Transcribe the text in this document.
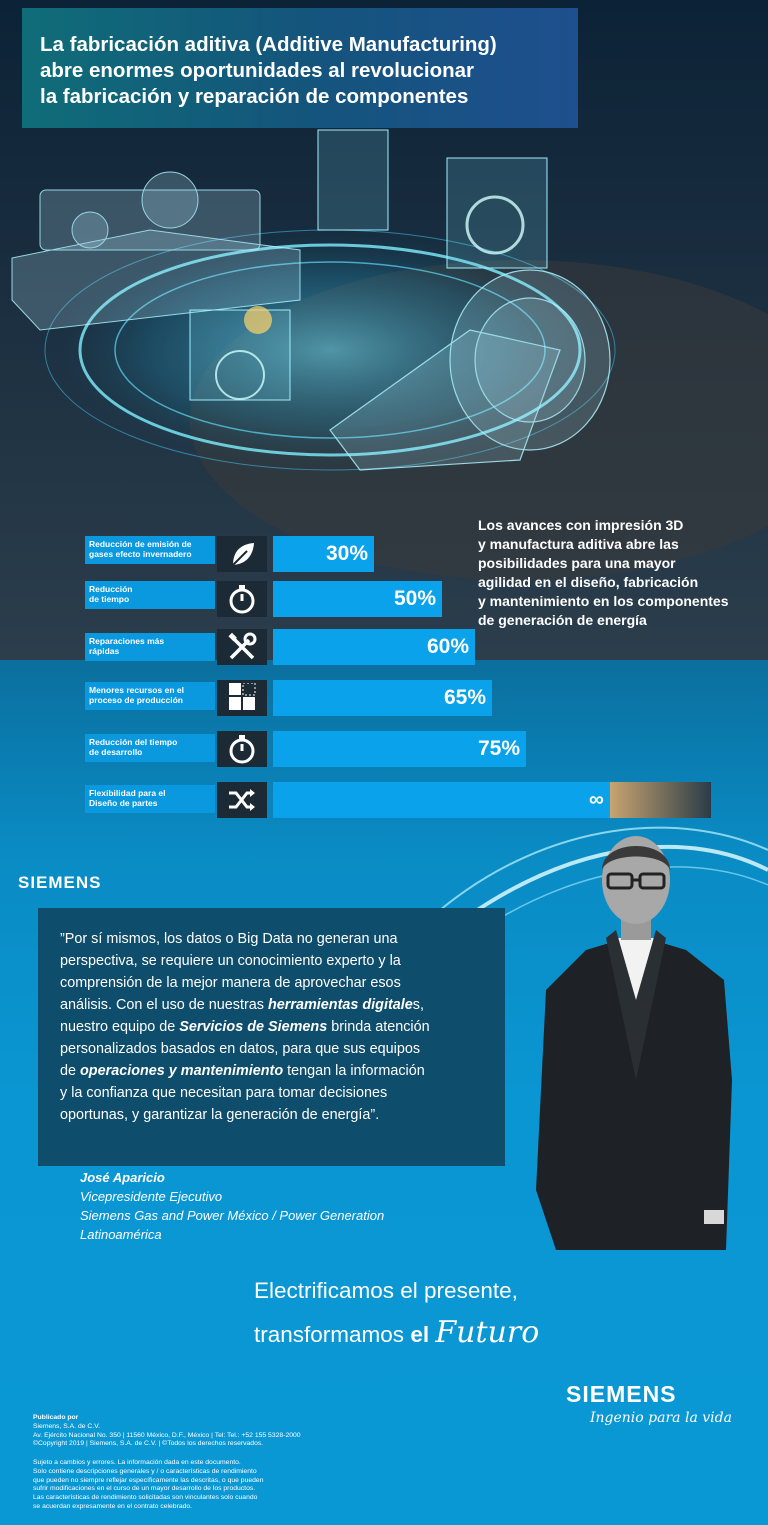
La fabricación aditiva (Additive Manufacturing)

abre enormes oportunidades al revolucionar

la fabricación y reparación de componentes

Los avances con impresión 3D

y manufactura aditiva abre las

posibilidades para una mayor

agilidad en el diseño, fabricación

y mantenimiento en los componentes

de generación de energía

Reducción de emisión de
gases efecto invernadero	30%
Reducción
de tiempo	50%
Reparaciones más
rápidas	60%
Menores recursos en el
proceso de producción	65%
Reducción del tiempo
de desarrollo	75%
Flexibilidad para el
Diseño de partes	∞
SIEMENS

”Por sí mismos, los datos o Big Data no generan una

perspectiva, se requiere un conocimiento experto y la

comprensión de la mejor manera de aprovechar esos

análisis. Con el uso de nuestras herramientas digitales,

nuestro equipo de Servicios de Siemens brinda atención

personalizados basados en datos, para que sus equipos

de operaciones y mantenimiento tengan la información

y la confianza que necesitan para tomar decisiones

oportunas, y garantizar la generación de energía”.

José Aparicio
Vicepresidente Ejecutivo
Siemens Gas and Power México / Power Generation
Latinoamérica
Electrificamos el presente,
transformamos el Futuro
SIEMENS
Ingenio para la vida
Publicado por
Siemens, S.A. de C.V.
Av. Ejército Nacional No. 350 | 11560 México, D.F., México | Tel: Tel.: +52 155 5328-2000
©Copyright 2019 | Siemens, S.A. de C.V. | ©Todos los derechos reservados.
Sujeto a cambios y errores. La información dada en este documento.
Solo contiene descripciones generales y / o características de rendimiento
que pueden no siempre reflejar específicamente las descritas, o que pueden
sufrir modificaciones en el curso de un mayor desarrollo de los productos.
Las características de rendimiento solicitadas son vinculantes solo cuando
se acuerdan expresamente en el contrato celebrado.
